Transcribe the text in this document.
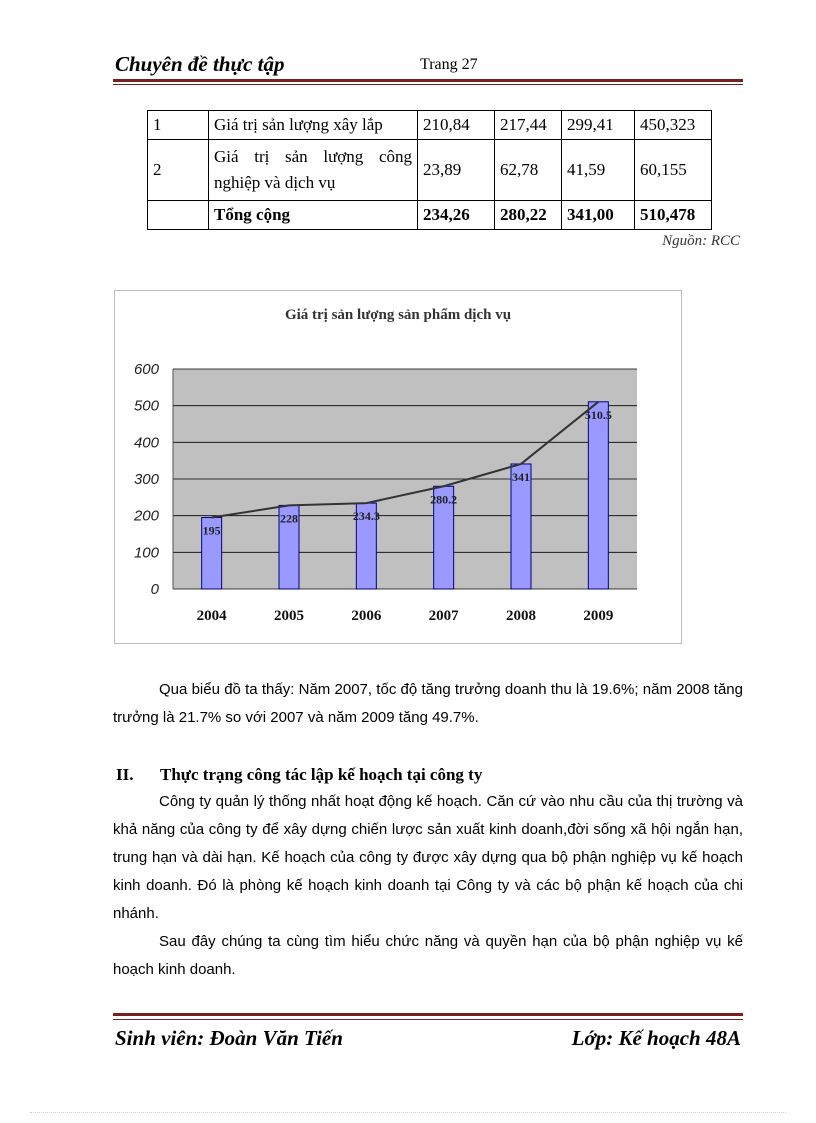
Chuyên đề thực tập	Trang 27
1	Giá trị sản lượng xây lắp	210,84	217,44	299,41	450,323
2	Giá trị sản lượng công nghiệp và dịch vụ	23,89	62,78	41,59	60,155
	Tổng cộng	234,26	280,22	341,00	510,478
Nguồn: RCC
Giá trị sản lượng sản phẩm dịch vụ
0
100
200
300
400
500
600
195
2004
228
2005
234.3
2006
280.2
2007
341
2008
510.5
2009

Qua biểu đồ ta thấy: Năm 2007, tốc độ tăng trưởng doanh thu là 19.6%; năm 2008 tăng trưởng là 21.7% so với 2007 và năm 2009 tăng 49.7%.

II. Thực trạng công tác lập kế hoạch tại công ty

Công ty quản lý thống nhất hoạt động kế hoạch. Căn cứ vào nhu cầu của thị trường và khả năng của công ty để xây dựng chiến lược sản xuất kinh doanh,đời sống xã hội ngắn hạn, trung hạn và dài hạn. Kế hoạch của công ty được xây dựng qua bộ phận nghiệp vụ kế hoạch kinh doanh. Đó là phòng kế hoạch kinh doanh tại Công ty và các bộ phận kế hoạch của chi nhánh.

Sau đây chúng ta cùng tìm hiểu chức năng và quyền hạn của bộ phận nghiệp vụ kế hoạch kinh doanh.

Sinh viên: Đoàn Văn Tiến	Lớp: Kế hoạch 48A
